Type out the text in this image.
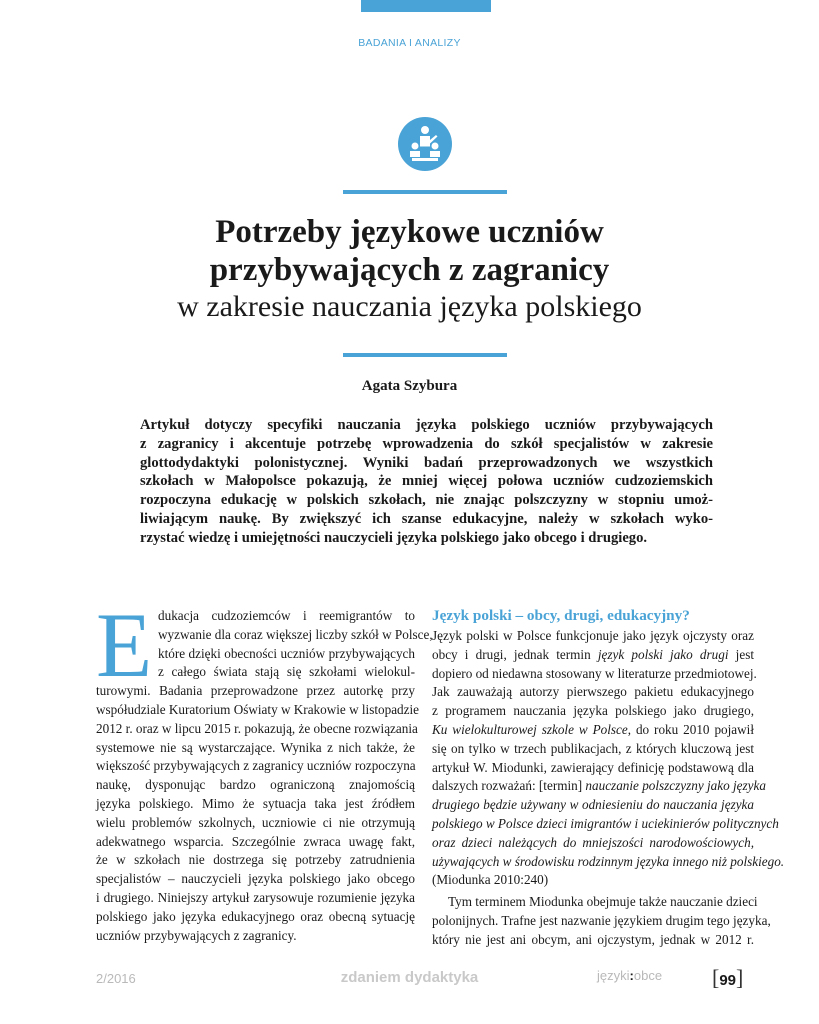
BADANIA I ANALIZY
Potrzeby językowe uczniów
przybywających z zagranicy
w zakresie nauczania języka polskiego
Agata Szybura
Artykuł dotyczy specyfiki nauczania języka polskiego uczniów przybywających
z zagranicy i akcentuje potrzebę wprowadzenia do szkół specjalistów w zakresie
glottodydaktyki polonistycznej. Wyniki badań przeprowadzonych we wszystkich
szkołach w Małopolsce pokazują, że mniej więcej połowa uczniów cudzoziemskich
rozpoczyna edukację w polskich szkołach, nie znając polszczyzny w stopniu umoż-
liwiającym naukę. By zwiększyć ich szanse edukacyjne, należy w szkołach wyko-
rzystać wiedzę i umiejętności nauczycieli języka polskiego jako obcego i drugiego.
E dukacja cudzoziemców i reemigrantów to
wyzwanie dla coraz większej liczby szkół w Polsce,
które dzięki obecności uczniów przybywających
z całego świata stają się szkołami wielokul-
turowymi. Badania przeprowadzone przez autorkę przy
współudziale Kuratorium Oświaty w Krakowie w listopadzie
2012 r. oraz w lipcu 2015 r. pokazują, że obecne rozwiązania
systemowe nie są wystarczające. Wynika z nich także, że
większość przybywających z zagranicy uczniów rozpoczyna
naukę, dysponując bardzo ograniczoną znajomością
języka polskiego. Mimo że sytuacja taka jest źródłem
wielu problemów szkolnych, uczniowie ci nie otrzymują
adekwatnego wsparcia. Szczególnie zwraca uwagę fakt,
że w szkołach nie dostrzega się potrzeby zatrudnienia
specjalistów – nauczycieli języka polskiego jako obcego
i drugiego. Niniejszy artykuł zarysowuje rozumienie języka
polskiego jako języka edukacyjnego oraz obecną sytuację
uczniów przybywających z zagranicy.
Język polski – obcy, drugi, edukacyjny?
Język polski w Polsce funkcjonuje jako język ojczysty oraz
obcy i drugi, jednak termin język polski jako drugi jest
dopiero od niedawna stosowany w literaturze przedmiotowej.
Jak zauważają autorzy pierwszego pakietu edukacyjnego
z programem nauczania języka polskiego jako drugiego,
Ku wielokulturowej szkole w Polsce, do roku 2010 pojawił
się on tylko w trzech publikacjach, z których kluczową jest
artykuł W. Miodunki, zawierający definicję podstawową dla
dalszych rozważań: [termin] nauczanie polszczyzny jako języka
drugiego będzie używany w odniesieniu do nauczania języka
polskiego w Polsce dzieci imigrantów i uciekinierów politycznych
oraz dzieci należących do mniejszości narodowościowych,
używających w środowisku rodzinnym języka innego niż polskiego.
(Miodunka 2010:240)
Tym terminem Miodunka obejmuje także nauczanie dzieci
polonijnych. Trafne jest nazwanie językiem drugim tego języka,
który nie jest ani obcym, ani ojczystym, jednak w 2012 r.
2/2016	zdaniem dydaktyka	języki:obce [99]
